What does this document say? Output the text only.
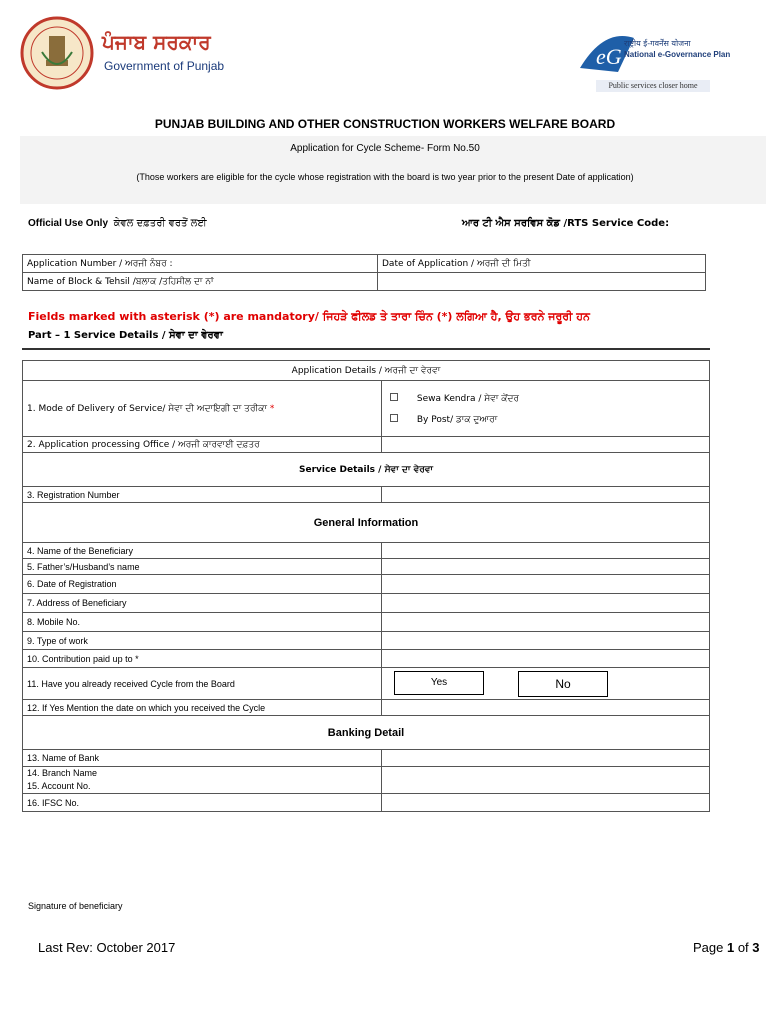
ਪੰਜਾਬ ਸਰਕਾਰ
Government of Punjab	eG
राष्ट्रीय ई-गवर्नेंस योजना
National e-Governance Plan
Public services closer home
PUNJAB BUILDING AND OTHER CONSTRUCTION WORKERS WELFARE BOARD
Application for Cycle Scheme- Form No.50
(Those workers are eligible for the cycle whose registration with the board is two year prior to the present Date of application)
Official Use Only ਕੇਵਲ ਦਫ਼ਤਰੀ ਵਰਤੋਂ ਲਈ	ਆਰ ਟੀ ਐਸ ਸਰਵਿਸ ਕੋਡ /RTS Service Code:
Application Number / ਅਰਜੀ ਨੰਬਰ :	Date of Application / ਅਰਜੀ ਦੀ ਮਿਤੀ
Name of Block & Tehsil /ਬਲਾਕ /ਤਹਿਸੀਲ ਦਾ ਨਾਂ	
Fields marked with asterisk (*) are mandatory/ ਜਿਹੜੇ ਫੀਲਡ ਤੇ ਤਾਰਾ ਚਿੰਨ (*) ਲਗਿਆ ਹੈ, ਉਹ ਭਰਨੇ ਜਰੂਰੀ ਹਨ
Part – 1 Service Details / ਸੇਵਾ ਦਾ ਵੇਰਵਾ
Application Details / ਅਰਜੀ ਦਾ ਵੇਰਵਾ	
1. Mode of Delivery of Service/ ਸੇਵਾ ਦੀ ਅਦਾਇਗੀ ਦਾ ਤਰੀਕਾ *	Sewa Kendra / ਸੇਵਾ ਕੇਂਦਰ
By Post/ ਡਾਕ ਦੁਆਰਾ

2. Application processing Office / ਅਰਜੀ ਕਾਰਵਾਈ ਦਫ਼ਤਰ	
Service Details / ਸੇਵਾ ਦਾ ਵੇਰਵਾ	
3. Registration Number	
General Information	
4. Name of the Beneficiary	
5. Father’s/Husband’s name	
6. Date of Registration	
7. Address of Beneficiary	
8. Mobile No.	
9. Type of work	
10. Contribution paid up to *	
11. Have you already received Cycle from the Board	Yes No

12. If Yes Mention the date on which you received the Cycle	
Banking Detail	
13. Name of Bank	
14. Branch Name
15. Account No.	
16. IFSC No.	
Signature of beneficiary
Last Rev: October 2017	Page 1 of 3
